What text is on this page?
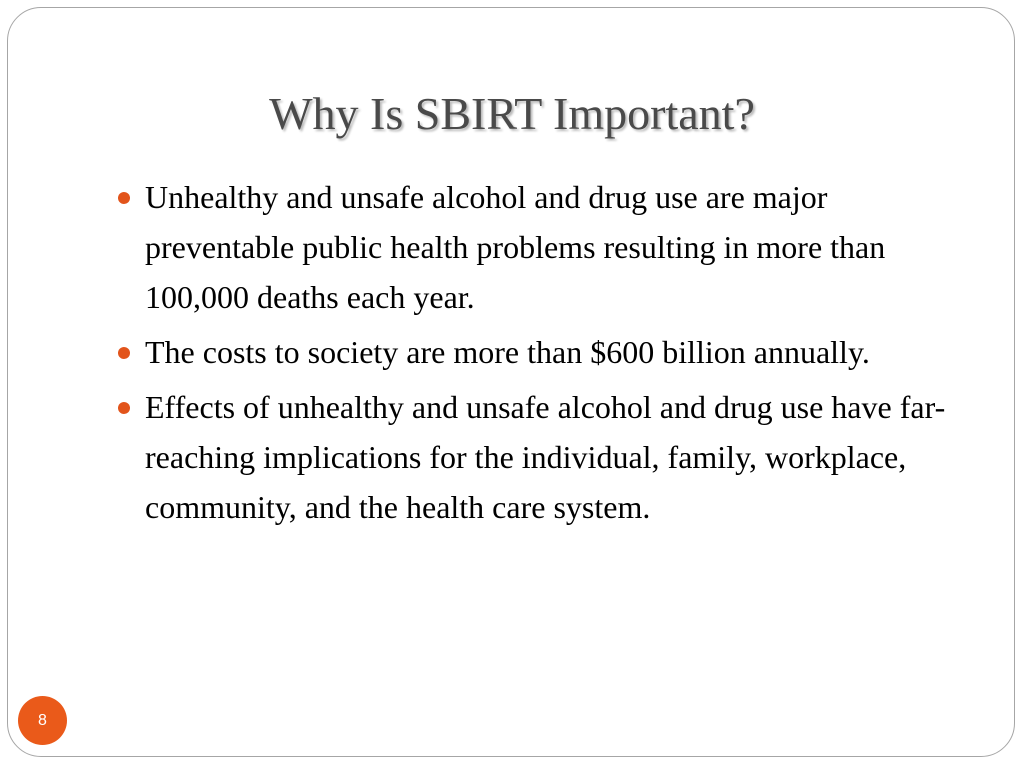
Why Is SBIRT Important?
Unhealthy and unsafe alcohol and drug use are major preventable public health problems resulting in more than 100,000 deaths each year.
The costs to society are more than $600 billion annually.
Effects of unhealthy and unsafe alcohol and drug use have far-reaching implications for the individual, family, workplace, community, and the health care system.
8
